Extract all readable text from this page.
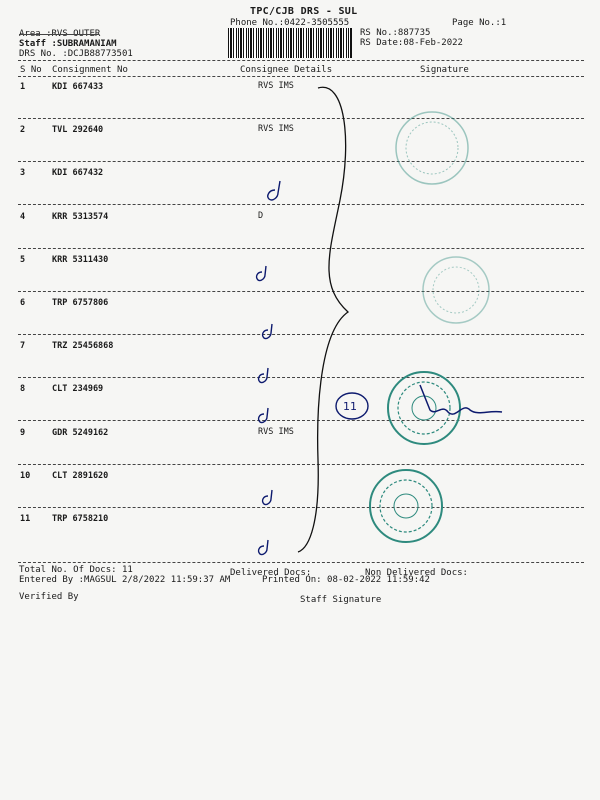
TPC/CJB DRS - SUL
Phone No.:0422-3505555	Page No.:1
Area :RVS OUTER
Staff :SUBRAMANIAM
DRS No. :DCJB88773501
RS No.:887735
RS Date:08-Feb-2022
S No Consignment No	Consignee Details	Signature
1	KDI 667433	RVS IMS
2	TVL 292640	RVS IMS
3	KDI 667432
4	KRR 5313574	D
5	KRR 5311430
6	TRP 6757806
7	TRZ 25456868
8	CLT 234969
9	GDR 5249162	RVS IMS
10	CLT 2891620
11	TRP 6758210
Total No. Of Docs: 11	Delivered Docs:	Non Delivered Docs:
Entered By :MAGSUL 2/8/2022 11:59:37 AM	Printed On: 08-02-2022 11:59:42
Verified By	Staff Signature
11
